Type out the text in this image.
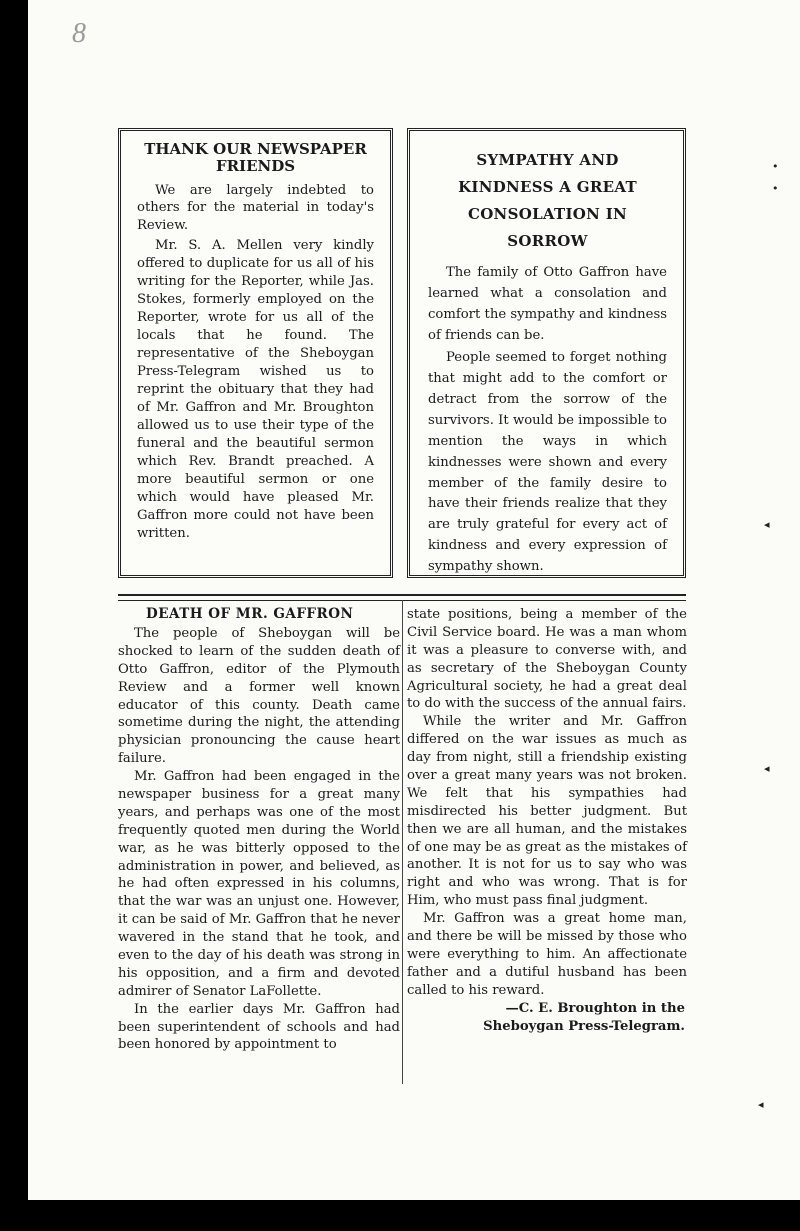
8
THANK OUR NEWSPAPER FRIENDS

We are largely indebted to others for the material in today's Review.

Mr. S. A. Mellen very kindly offered to duplicate for us all of his writing for the Reporter, while Jas. Stokes, formerly employed on the Reporter, wrote for us all of the locals that he found. The representative of the Sheboygan Press-Telegram wished us to reprint the obituary that they had of Mr. Gaffron and Mr. Broughton allowed us to use their type of the funeral and the beautiful sermon which Rev. Brandt preached. A more beautiful sermon or one which would have pleased Mr. Gaffron more could not have been written.

SYMPATHY AND KINDNESS A GREAT CONSOLATION IN SORROW

The family of Otto Gaffron have learned what a consolation and comfort the sympathy and kindness of friends can be.

People seemed to forget nothing that might add to the comfort or detract from the sorrow of the survivors. It would be impossible to mention the ways in which kindnesses were shown and every member of the family desire to have their friends realize that they are truly grateful for every act of kindness and every expression of sympathy shown.

DEATH OF MR. GAFFRON

The people of Sheboygan will be shocked to learn of the sudden death of Otto Gaffron, editor of the Plymouth Review and a former well known educator of this county. Death came sometime during the night, the attending physician pronouncing the cause heart failure.

Mr. Gaffron had been engaged in the newspaper business for a great many years, and perhaps was one of the most frequently quoted men during the World war, as he was bitterly opposed to the administration in power, and believed, as he had often expressed in his columns, that the war was an unjust one. However, it can be said of Mr. Gaffron that he never wavered in the stand that he took, and even to the day of his death was strong in his opposition, and a firm and devoted admirer of Senator LaFollette.

In the earlier days Mr. Gaffron had been superintendent of schools and had been honored by appointment to

state positions, being a member of the Civil Service board. He was a man whom it was a pleasure to converse with, and as secretary of the Sheboygan County Agricultural society, he had a great deal to do with the success of the annual fairs.

While the writer and Mr. Gaffron differed on the war issues as much as day from night, still a friendship existing over a great many years was not broken. We felt that his sympathies had misdirected his better judgment. But then we are all human, and the mistakes of one may be as great as the mistakes of another. It is not for us to say who was right and who was wrong. That is for Him, who must pass final judgment.

Mr. Gaffron was a great home man, and there be will be missed by those who were everything to him. An affectionate father and a dutiful husband has been called to his reward.

—C. E. Broughton in the
Sheboygan Press-Telegram.
•
•
◂
◂
◂
